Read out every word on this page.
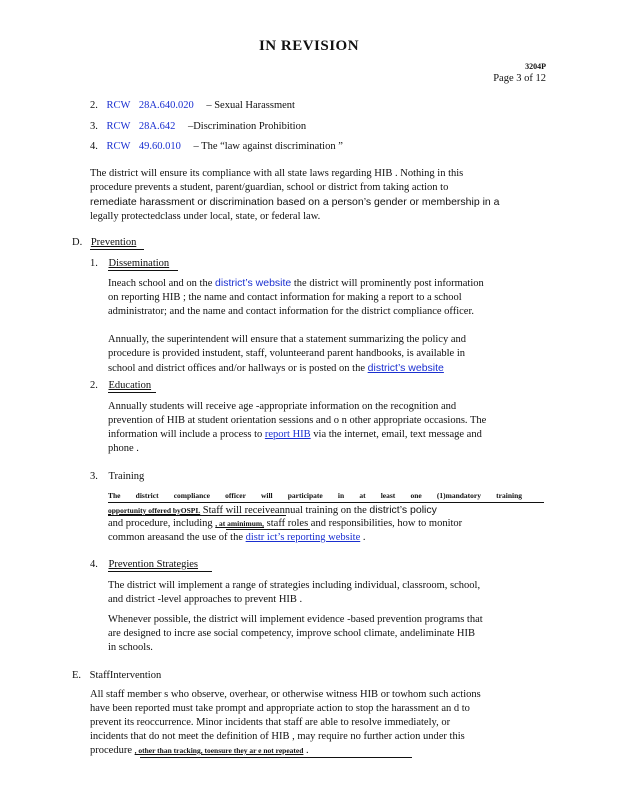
IN REVISION
3204P
Page 3 of 12
2. RCW 28A.640.020 – Sexual Harassment
3. RCW 28A.642 –Discrimination Prohibition
4. RCW 49.60.010 – The “law against discrimination ”

The district will ensure its compliance with all state laws regarding HIB . Nothing in this
procedure prevents a student, parent/guardian, school or district from taking action to
remediate harassment or discrimination based on a person’s gender or membership in a
legally protectedclass under local, state, or federal law.

D. Prevention
1. Dissemination

Ineach school and on the district’s website the district will prominently post information
on reporting HIB ; the name and contact information for making a report to a school
administrator; and the name and contact information for the district compliance officer.

Annually, the superintendent will ensure that a statement summarizing the policy and
procedure is provided instudent, staff, volunteerand parent handbooks, is available in
school and district offices and/or hallways or is posted on the district’s website

2. Education

Annually students will receive age -appropriate information on the recognition and
prevention of HIB at student orientation sessions and o n other appropriate occasions. The
information will include a process to report HIB via the internet, email, text message and
phone .

3. Training
The district compliance officer will participate in at least one (1)mandatory training
opportunity offered byOSPI. Staff will receiveannual training on the district’s policy
and procedure, including , at aminimum, staff roles and responsibilities, how to monitor
common areasand the use of the distr ict’s reporting website .
4. Prevention Strategies

The district will implement a range of strategies including individual, classroom, school,
and district -level approaches to prevent HIB .

Whenever possible, the district will implement evidence -based prevention programs that
are designed to incre ase social competency, improve school climate, andeliminate HIB
in schools.

E. StaffIntervention

All staff member s who observe, overhear, or otherwise witness HIB or towhom such actions
have been reported must take prompt and appropriate action to stop the harassment an d to
prevent its reoccurrence. Minor incidents that staff are able to resolve immediately, or
incidents that do not meet the definition of HIB , may require no further action under this
procedure , other than tracking, toensure they ar e not repeated .
